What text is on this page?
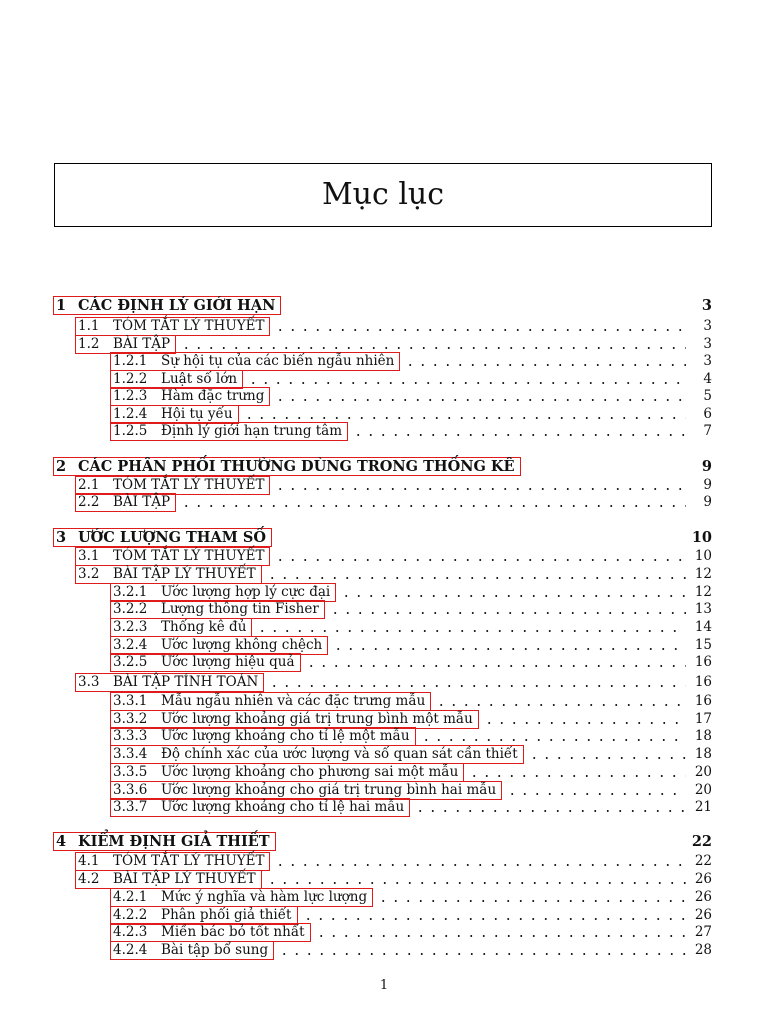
Mục lục
1 CÁC ĐỊNH LÝ GIỚI HẠN	3
1.1 TÓM TẮT LÝ THUYẾT	3
1.2 BÀI TẬP	3
1.2.1 Sự hội tụ của các biến ngẫu nhiên	3
1.2.2 Luật số lớn	4
1.2.3 Hàm đặc trưng	5
1.2.4 Hội tụ yếu	6
1.2.5 Định lý giới hạn trung tâm	7
2 CÁC PHÂN PHỐI THƯỜNG DÙNG TRONG THỐNG KÊ	9
2.1 TÓM TẮT LÝ THUYẾT	9
2.2 BÀI TẬP	9
3 ƯỚC LƯỢNG THAM SỐ	10
3.1 TÓM TẮT LÝ THUYẾT	10
3.2 BÀI TẬP LÝ THUYẾT	12
3.2.1 Ước lượng hợp lý cực đại	12
3.2.2 Lượng thông tin Fisher	13
3.2.3 Thống kê đủ	14
3.2.4 Ước lượng không chệch	15
3.2.5 Ước lượng hiệu quả	16
3.3 BÀI TẬP TÍNH TOÁN	16
3.3.1 Mẫu ngẫu nhiên và các đặc trưng mẫu	16
3.3.2 Ước lượng khoảng giá trị trung bình một mẫu	17
3.3.3 Ước lượng khoảng cho tỉ lệ một mẫu	18
3.3.4 Độ chính xác của ước lượng và số quan sát cần thiết	18
3.3.5 Ước lượng khoảng cho phương sai một mẫu	20
3.3.6 Ước lượng khoảng cho giá trị trung bình hai mẫu	20
3.3.7 Ước lượng khoảng cho tỉ lệ hai mẫu	21
4 KIỂM ĐỊNH GIẢ THIẾT	22
4.1 TÓM TẮT LÝ THUYẾT	22
4.2 BÀI TẬP LÝ THUYẾT	26
4.2.1 Mức ý nghĩa và hàm lực lượng	26
4.2.2 Phân phối giả thiết	26
4.2.3 Miền bác bỏ tốt nhất	27
4.2.4 Bài tập bổ sung	28
1
